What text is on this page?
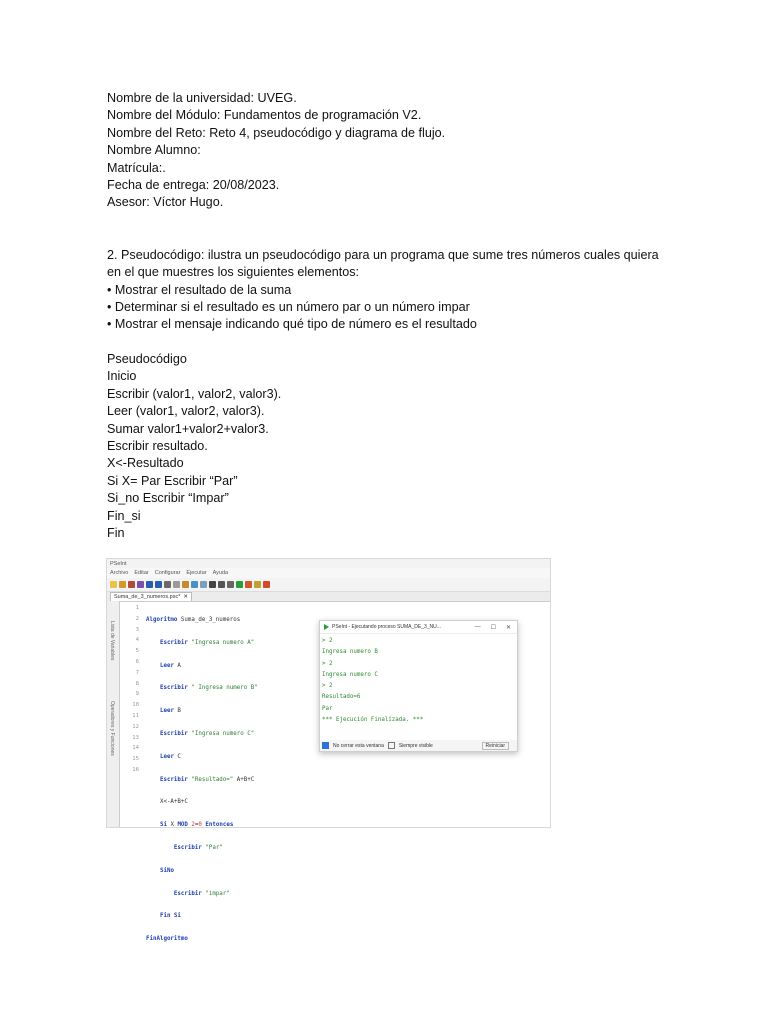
Nombre de la universidad: UVEG.

Nombre del Módulo: Fundamentos de programación V2.

Nombre del Reto: Reto 4, pseudocódigo y diagrama de flujo.

Nombre Alumno:

Matrícula:.

Fecha de entrega: 20/08/2023.

Asesor: Víctor Hugo.

2. Pseudocódigo: ilustra un pseudocódigo para un programa que sume tres números cuales quiera

en el que muestres los siguientes elementos:

• Mostrar el resultado de la suma

• Determinar si el resultado es un número par o un número impar

• Mostrar el mensaje indicando qué tipo de número es el resultado

Pseudocódigo

Inicio

Escribir (valor1, valor2, valor3).

Leer (valor1, valor2, valor3).

Sumar valor1+valor2+valor3.

Escribir resultado.

X<-Resultado

Si X= Par Escribir “Par”

Si_no Escribir “Impar”

Fin_si

Fin

PSeInt
Archivo Editar Configurar Ejecutar Ayuda
Suma_de_3_numeros.psc* ✕
Lista de Variables
Operadores y Funciones
1
2
3
4
5
6
7
8
9
10
11
12
13
14
15
16

Algoritmo Suma_de_3_numeros

Escribir "Ingresa numero A"

Leer A

Escribir " Ingresa numero B"

Leer B

Escribir "Ingresa numero C"

Leer C

Escribir "Resultado=" A+B+C

X<-A+B+C

Si X MOD 2=0 Entonces

Escribir "Par"

SiNo

Escribir "impar"

Fin Si

FinAlgoritmo

PSeInt - Ejecutando proceso SUMA_DE_3_NU...	— ☐ ✕
> 2
Ingresa numero B
> 2
Ingresa numero C
> 2
Resultado=6
Par
*** Ejecución Finalizada. ***
No cerrar esta ventana	Siempre visible	Reiniciar
